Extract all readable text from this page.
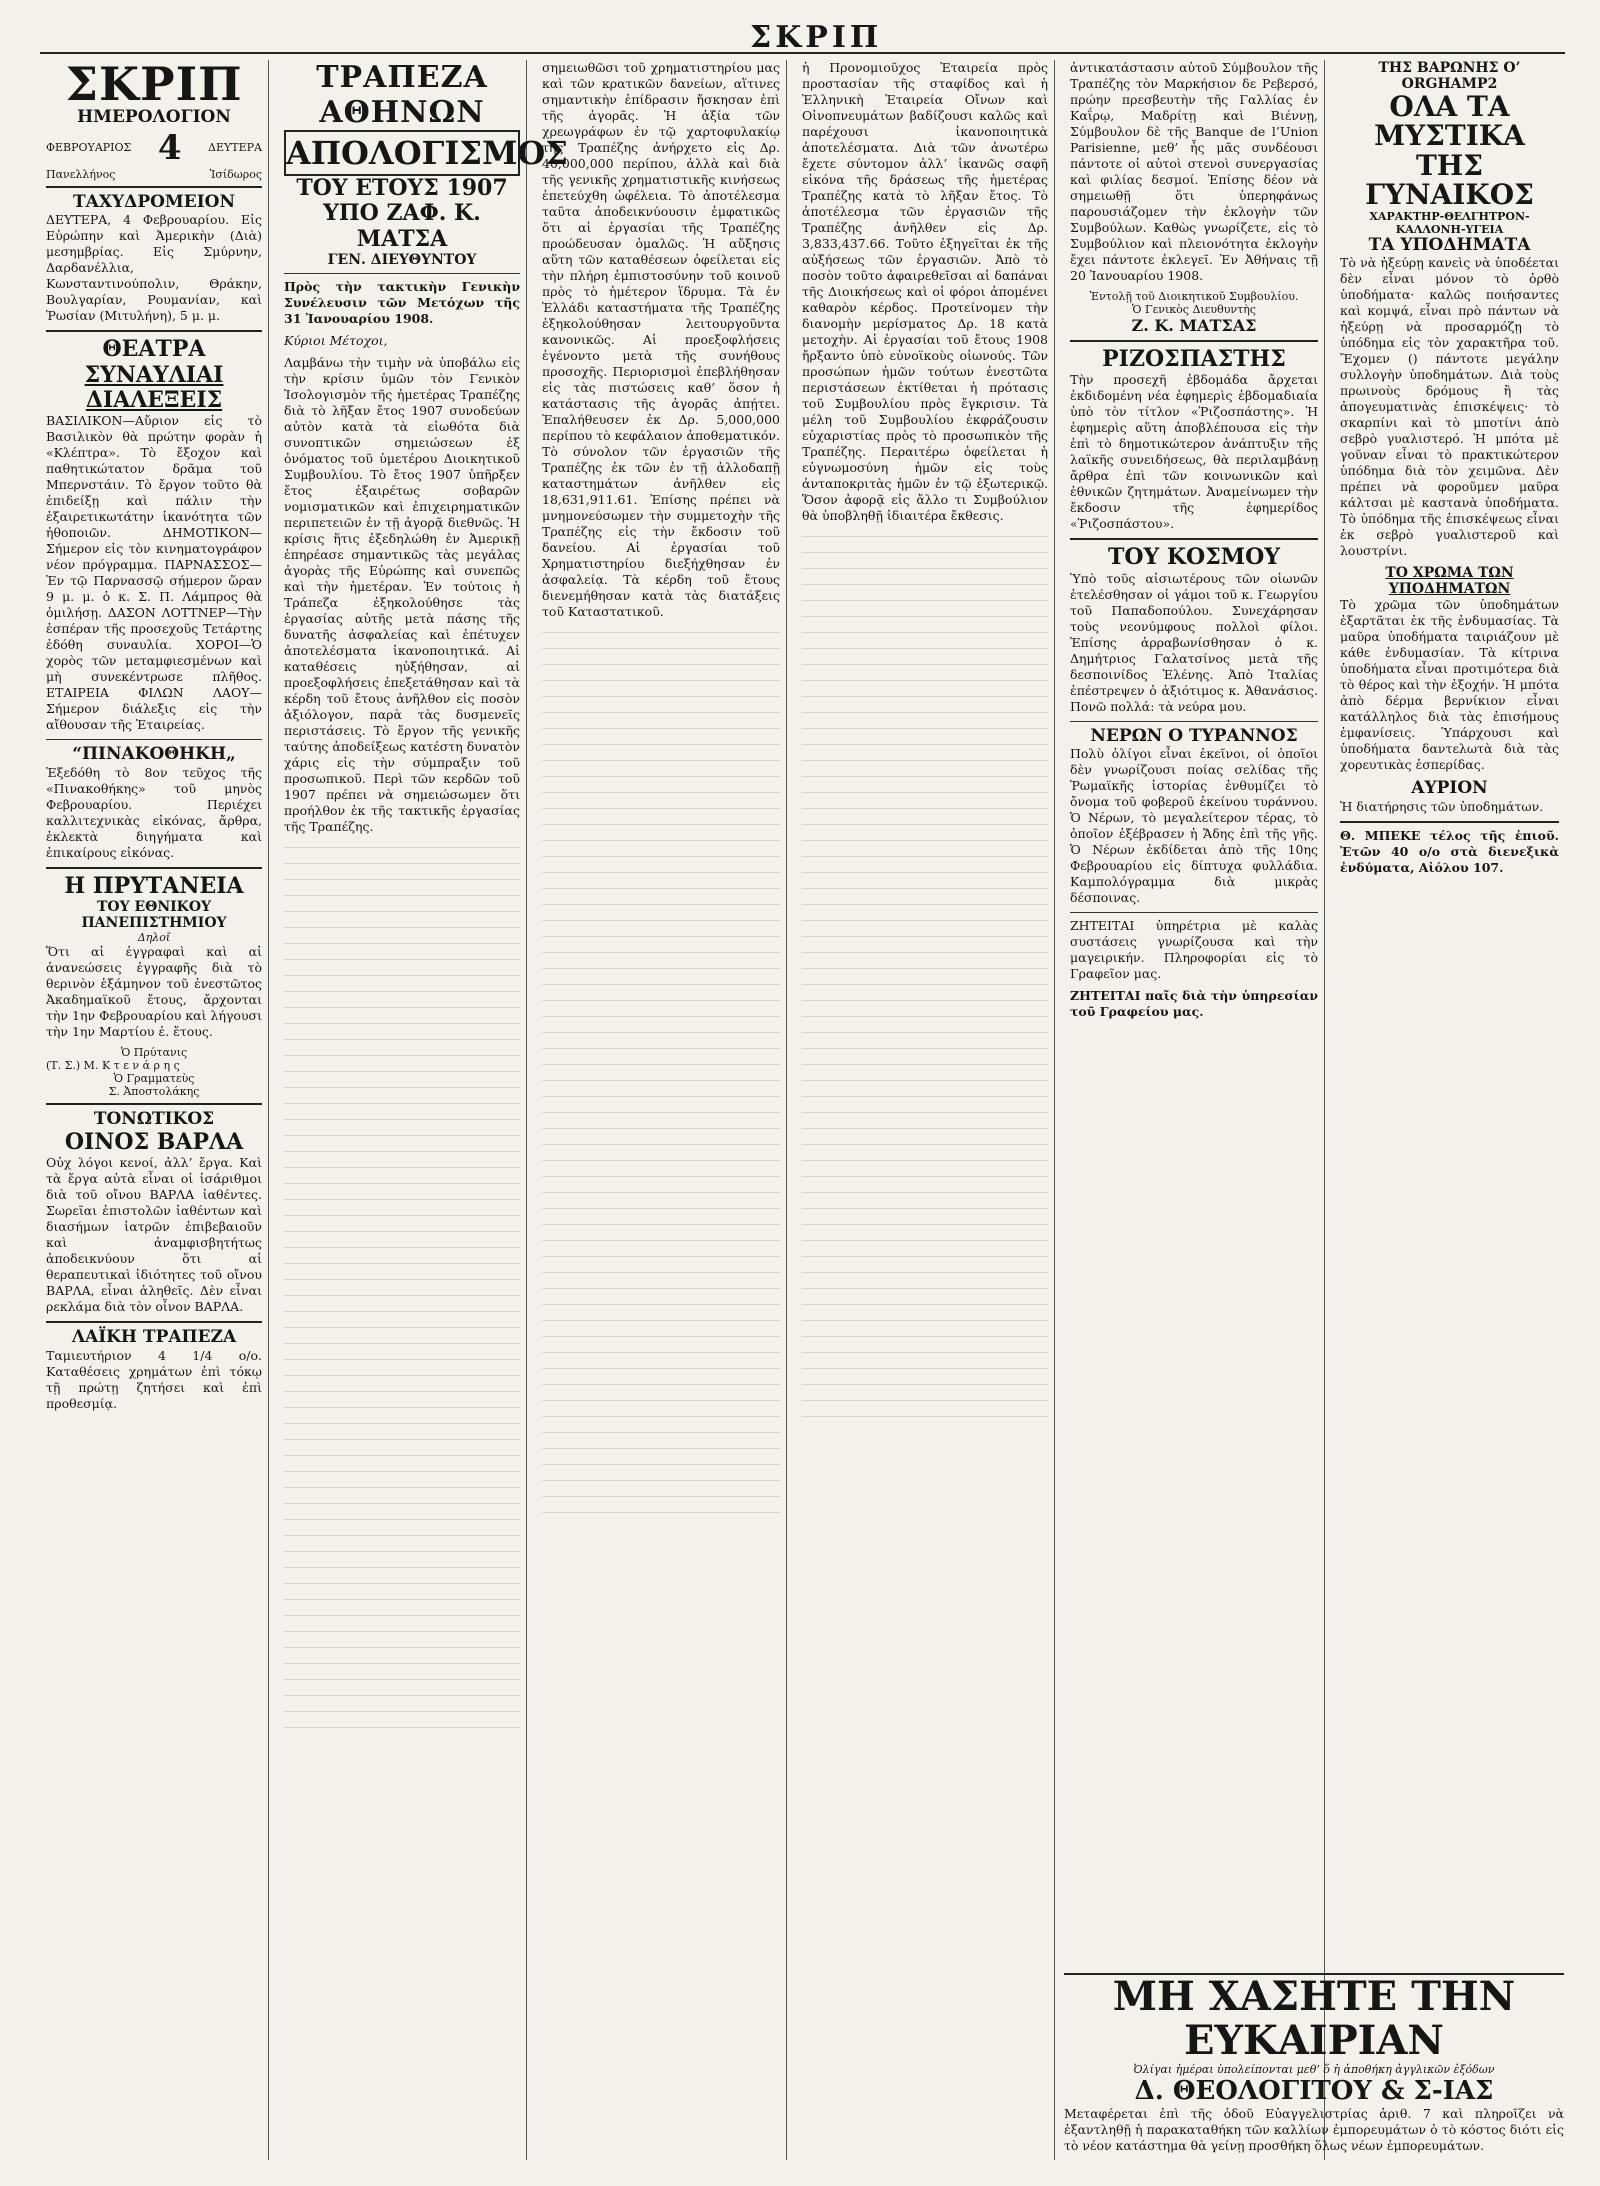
ΣΚΡΙΠ
ΣΚΡΙΠ
ΗΜΕΡΟΛΟΓΙΟΝ
ΦΕΒΡΟΥΑΡΙΟΣ 4 ΔΕΥΤΕΡΑ
Πανελλήνος	Ἰσίδωρος
ΤΑΧΥΔΡΟΜΕΙΟΝ

ΔΕΥΤΕΡΑ, 4 Φεβρουαρίου. Εἰς Εὐρώπην καὶ Ἀμερικὴν (Διὰ) μεσημβρίας. Εἰς Σμύρνην, Δαρδανέλλια, Κωνσταντινούπολιν, Θράκην, Βουλγαρίαν, Ρουμανίαν, καὶ Ῥωσίαν (Μιτυλήνη), 5 μ. μ.

ΘΕΑΤΡΑ
ΣΥΝΑΥΛΙΑΙ
ΔΙΑΛΕΞΕΙΣ

ΒΑΣΙΛΙΚΟΝ—Αὔριον εἰς τὸ Βασιλικὸν θὰ πρώτην φορὰν ἡ «Κλέπτρα». Τὸ ἔξοχον καὶ παθητικώτατον δρᾶμα τοῦ Μπερνστάιν. Τὸ ἔργον τοῦτο θὰ ἐπιδείξῃ καὶ πάλιν τὴν ἐξαιρετικωτάτην ἱκανότητα τῶν ἠθοποιῶν. ΔΗΜΟΤΙΚΟΝ—Σήμερον εἰς τὸν κινηματογράφον νέον πρόγραμμα. ΠΑΡΝΑΣΣΟΣ—Ἐν τῷ Παρνασσῷ σήμερον ὥραν 9 μ. μ. ὁ κ. Σ. Π. Λάμπρος θὰ ὁμιλήσῃ. ΔΑΣΟΝ ΛΟΤΤΝΕΡ—Τὴν ἐσπέραν τῆς προσεχοῦς Τετάρτης ἐδόθη συναυλία. ΧΟΡΟΙ—Ὁ χορὸς τῶν μεταμφιεσμένων καὶ μὴ συνεκέντρωσε πλῆθος. ΕΤΑΙΡΕΙΑ ΦΙΛΩΝ ΛΑΟΥ—Σήμερον διάλεξις εἰς τὴν αἴθουσαν τῆς Ἑταιρείας.

“ΠΙΝΑΚΟΘΗΚΗ„

Ἐξεδόθη τὸ 8ον τεῦχος τῆς «Πινακοθήκης» τοῦ μηνὸς Φεβρουαρίου. Περιέχει καλλιτεχνικὰς εἰκόνας, ἄρθρα, ἐκλεκτὰ διηγήματα καὶ ἐπικαίρους εἰκόνας.

Η ΠΡΥΤΑΝΕΙΑ
ΤΟΥ ΕΘΝΙΚΟΥ ΠΑΝΕΠΙΣΤΗΜΙΟΥ
Δηλοῖ

Ὅτι αἱ ἐγγραφαὶ καὶ αἱ ἀνανεώσεις ἐγγραφῆς διὰ τὸ θερινὸν ἑξάμηνον τοῦ ἐνεστῶτος Ἀκαδημαϊκοῦ ἔτους, ἄρχονται τὴν 1ην Φεβρουαρίου καὶ λήγουσι τὴν 1ην Μαρτίου ἐ. ἔτους.

Ὁ Πρύτανις
(Τ. Σ.) Μ. Κ τ ε ν ά ρ η ς
Ὁ Γραμματεὺς
Σ. Ἀποστολάκης
ΤΟΝΩΤΙΚΟΣ
ΟΙΝΟΣ ΒΑΡΛΑ

Οὐχ λόγοι κενοί, ἀλλ’ ἔργα. Καὶ τὰ ἔργα αὐτὰ εἶναι οἱ ἰσάριθμοι διὰ τοῦ οἴνου ΒΑΡΛΑ ἰαθέντες. Σωρεῖαι ἐπιστολῶν ἰαθέντων καὶ διασήμων ἰατρῶν ἐπιβεβαιοῦν καὶ ἀναμφισβητήτως ἀποδεικνύουν ὅτι αἱ θεραπευτικαὶ ἰδιότητες τοῦ οἴνου ΒΑΡΛΑ, εἶναι ἀληθεῖς. Δὲν εἶναι ρεκλάμα διὰ τὸν οἶνον ΒΑΡΛΑ.

ΛΑΪΚΗ ΤΡΑΠΕΖΑ

Ταμιευτήριον 4 1/4 ο/ο. Καταθέσεις χρημάτων ἐπὶ τόκῳ τῇ πρώτῃ ζητήσει καὶ ἐπὶ προθεσμίᾳ.

ΤΡΑΠΕΖΑ ΑΘΗΝΩΝ
ΑΠΟΛΟΓΙΣΜΟΣ
ΤΟΥ ΕΤΟΥΣ 1907
ΥΠΟ ΖΑΦ. Κ. ΜΑΤΣΑ
ΓΕΝ. ΔΙΕΥΘΥΝΤΟΥ

Πρὸς τὴν τακτικὴν Γενικὴν Συνέλευσιν τῶν Μετόχων τῆς 31 Ἰανουαρίου 1908.

Κύριοι Μέτοχοι,

Λαμβάνω τὴν τιμὴν νὰ ὑποβάλω εἰς τὴν κρίσιν ὑμῶν τὸν Γενικὸν Ἰσολογισμὸν τῆς ἡμετέρας Τραπέζης διὰ τὸ λῆξαν ἔτος 1907 συνοδεύων αὐτὸν κατὰ τὰ εἰωθότα διὰ συνοπτικῶν σημειώσεων ἐξ ὀνόματος τοῦ ὑμετέρου Διοικητικοῦ Συμβουλίου. Τὸ ἔτος 1907 ὑπῆρξεν ἔτος ἐξαιρέτως σοβαρῶν νομισματικῶν καὶ ἐπιχειρηματικῶν περιπετειῶν ἐν τῇ ἀγορᾷ διεθνῶς. Ἡ κρίσις ἥτις ἐξεδηλώθη ἐν Ἀμερικῇ ἐπηρέασε σημαντικῶς τὰς μεγάλας ἀγορὰς τῆς Εὐρώπης καὶ συνεπῶς καὶ τὴν ἡμετέραν. Ἐν τούτοις ἡ Τράπεζα ἐξηκολούθησε τὰς ἐργασίας αὐτῆς μετὰ πάσης τῆς δυνατῆς ἀσφαλείας καὶ ἐπέτυχεν ἀποτελέσματα ἱκανοποιητικά. Αἱ καταθέσεις ηὐξήθησαν, αἱ προεξοφλήσεις ἐπεξετάθησαν καὶ τὰ κέρδη τοῦ ἔτους ἀνῆλθον εἰς ποσὸν ἀξιόλογον, παρὰ τὰς δυσμενεῖς περιστάσεις. Τὸ ἔργον τῆς γενικῆς ταύτης ἀποδείξεως κατέστη δυνατὸν χάρις εἰς τὴν σύμπραξιν τοῦ προσωπικοῦ. Περὶ τῶν κερδῶν τοῦ 1907 πρέπει νὰ σημειώσωμεν ὅτι προήλθον ἐκ τῆς τακτικῆς ἐργασίας τῆς Τραπέζης.

σημειωθῶσι τοῦ χρηματιστηρίου μας καὶ τῶν κρατικῶν δανείων, αἵτινες σημαντικὴν ἐπίδρασιν ἤσκησαν ἐπὶ τῆς ἀγορᾶς. Ἡ ἀξία τῶν χρεωγράφων ἐν τῷ χαρτοφυλακίῳ τῆς Τραπέζης ἀνήρχετο εἰς Δρ. 40,000,000 περίπου, ἀλλὰ καὶ διὰ τῆς γενικῆς χρηματιστικῆς κινήσεως ἐπετεύχθη ὠφέλεια. Τὸ ἀποτέλεσμα ταῦτα ἀποδεικνύουσιν ἐμφατικῶς ὅτι αἱ ἐργασίαι τῆς Τραπέζης προώδευσαν ὁμαλῶς. Ἡ αὔξησις αὕτη τῶν καταθέσεων ὀφείλεται εἰς τὴν πλήρη ἐμπιστοσύνην τοῦ κοινοῦ πρὸς τὸ ἡμέτερον ἵδρυμα. Τὰ ἐν Ἑλλάδι καταστήματα τῆς Τραπέζης ἐξηκολούθησαν λειτουργοῦντα κανονικῶς. Αἱ προεξοφλήσεις ἐγένοντο μετὰ τῆς συνήθους προσοχῆς. Περιορισμοὶ ἐπεβλήθησαν εἰς τὰς πιστώσεις καθ’ ὅσον ἡ κατάστασις τῆς ἀγορᾶς ἀπῄτει. Ἐπαλήθευσεν ἐκ Δρ. 5,000,000 περίπου τὸ κεφάλαιον ἀποθεματικόν. Τὸ σύνολον τῶν ἐργασιῶν τῆς Τραπέζης ἐκ τῶν ἐν τῇ ἀλλοδαπῇ καταστημάτων ἀνῆλθεν εἰς 18,631,911.61. Ἐπίσης πρέπει νὰ μνημονεύσωμεν τὴν συμμετοχὴν τῆς Τραπέζης εἰς τὴν ἔκδοσιν τοῦ δανείου. Αἱ ἐργασίαι τοῦ Χρηματιστηρίου διεξήχθησαν ἐν ἀσφαλείᾳ. Τὰ κέρδη τοῦ ἔτους διενεμήθησαν κατὰ τὰς διατάξεις τοῦ Καταστατικοῦ.

ἡ Προνομιοῦχος Ἑταιρεία πρὸς προστασίαν τῆς σταφίδος καὶ ἡ Ἑλληνικὴ Ἑταιρεία Οἴνων καὶ Οἰνοπνευμάτων βαδίζουσι καλῶς καὶ παρέχουσι ἱκανοποιητικὰ ἀποτελέσματα. Διὰ τῶν ἀνωτέρω ἔχετε σύντομον ἀλλ’ ἱκανῶς σαφῆ εἰκόνα τῆς δράσεως τῆς ἡμετέρας Τραπέζης κατὰ τὸ λῆξαν ἔτος. Τὸ ἀποτέλεσμα τῶν ἐργασιῶν τῆς Τραπέζης ἀνῆλθεν εἰς Δρ. 3,833,437.66. Τοῦτο ἐξηγεῖται ἐκ τῆς αὐξήσεως τῶν ἐργασιῶν. Ἀπὸ τὸ ποσὸν τοῦτο ἀφαιρεθεῖσαι αἱ δαπάναι τῆς Διοικήσεως καὶ οἱ φόροι ἀπομένει καθαρὸν κέρδος. Προτείνομεν τὴν διανομὴν μερίσματος Δρ. 18 κατὰ μετοχὴν. Αἱ ἐργασίαι τοῦ ἔτους 1908 ἤρξαντο ὑπὸ εὐνοϊκοὺς οἰωνούς. Τῶν προσώπων ἡμῶν τούτων ἐνεστῶτα περιστάσεων ἐκτίθεται ἡ πρότασις τοῦ Συμβουλίου πρὸς ἔγκρισιν. Τὰ μέλη τοῦ Συμβουλίου ἐκφράζουσιν εὐχαριστίας πρὸς τὸ προσωπικὸν τῆς Τραπέζης. Περαιτέρω ὀφείλεται ἡ εὐγνωμοσύνη ἡμῶν εἰς τοὺς ἀνταποκριτὰς ἡμῶν ἐν τῷ ἐξωτερικῷ. Ὅσον ἀφορᾷ εἰς ἄλλο τι Συμβούλιον θὰ ὑποβληθῇ ἰδιαιτέρα ἔκθεσις.

ἀντικατάστασιν αὐτοῦ Σύμβουλον τῆς Τραπέζης τὸν Μαρκήσιον δε Ρεβερσό, πρώην πρεσβευτὴν τῆς Γαλλίας ἐν Καΐρῳ, Μαδρίτῃ καὶ Βιέννῃ, Σύμβουλον δὲ τῆς Banque de l’Union Parisienne, μεθ’ ἧς μᾶς συνδέουσι πάντοτε οἱ αὐτοὶ στενοὶ συνεργασίας καὶ φιλίας δεσμοί. Ἐπίσης δέον νὰ σημειωθῇ ὅτι ὑπερηφάνως παρουσιάζομεν τὴν ἐκλογὴν τῶν Συμβούλων. Καθὼς γνωρίζετε, εἰς τὸ Συμβούλιον καὶ πλειονότητα ἐκλογὴν ἔχει πάντοτε ἐκλεγεῖ. Ἐν Ἀθήναις τῇ 20 Ἰανουαρίου 1908.

Ἐντολῇ τοῦ Διοικητικοῦ Συμβουλίου.
Ὁ Γενικὸς Διευθυντὴς
Ζ. Κ. ΜΑΤΣΑΣ
ΡΙΖΟΣΠΑΣΤΗΣ

Τὴν προσεχῆ ἑβδομάδα ἄρχεται ἐκδιδομένη νέα ἐφημερὶς ἑβδομαδιαία ὑπὸ τὸν τίτλον «Ῥιζοσπάστης». Ἡ ἐφημερὶς αὕτη ἀποβλέπουσα εἰς τὴν ἐπὶ τὸ δημοτικώτερον ἀνάπτυξιν τῆς λαϊκῆς συνειδήσεως, θὰ περιλαμβάνῃ ἄρθρα ἐπὶ τῶν κοινωνικῶν καὶ ἐθνικῶν ζητημάτων. Ἀναμείνωμεν τὴν ἔκδοσιν τῆς ἐφημερίδος «Ῥιζοσπάστου».

ΤΟΥ ΚΟΣΜΟΥ

Ὑπὸ τοῦς αἰσιωτέρους τῶν οἰωνῶν ἐτελέσθησαν οἱ γάμοι τοῦ κ. Γεωργίου τοῦ Παπαδοπούλου. Συνεχάρησαν τοὺς νεονύμφους πολλοὶ φίλοι. Ἐπίσης ἀρραβωνίσθησαν ὁ κ. Δημήτριος Γαλατσίνος μετὰ τῆς δεσποινίδος Ἑλένης. Ἀπὸ Ἰταλίας ἐπέστρεψεν ὁ ἀξιότιμος κ. Ἀθανάσιος. Πονῶ πολλά: τὰ νεύρα μου.

ΝΕΡΩΝ Ο ΤΥΡΑΝΝΟΣ

Πολὺ ὀλίγοι εἶναι ἐκεῖνοι, οἱ ὁποῖοι δὲν γνωρίζουσι ποίας σελίδας τῆς Ῥωμαϊκῆς ἱστορίας ἐνθυμίζει τὸ ὄνομα τοῦ φοβεροῦ ἐκείνου τυράννου. Ὁ Νέρων, τὸ μεγαλείτερον τέρας, τὸ ὁποῖον ἐξέβρασεν ἡ Ἄδης ἐπὶ τῆς γῆς. Ὁ Νέρων ἐκδίδεται ἀπὸ τῆς 10ης Φεβρουαρίου εἰς δίπτυχα φυλλάδια. Καμπολόγραμμα διὰ μικρὰς δέσποινας.

ΖΗΤΕΙΤΑΙ ὑπηρέτρια μὲ καλὰς συστάσεις γνωρίζουσα καὶ τὴν μαγειρικήν. Πληροφορίαι εἰς τὸ Γραφεῖον μας.

ΖΗΤΕΙΤΑΙ παῖς διὰ τὴν ὑπηρεσίαν τοῦ Γραφείου μας.

ΤΗΣ ΒΑΡΩΝΗΣ Ο’ ORGHAMP2
ΟΛΑ ΤΑ ΜΥΣΤΙΚΑ
ΤΗΣ ΓΥΝΑΙΚΟΣ
ΧΑΡΑΚΤΗΡ-ΘΕΛΓΗΤΡΟΝ-ΚΑΛΛΟΝΗ-ΥΓΕΙΑ
ΤΑ ΥΠΟΔΗΜΑΤΑ

Τὸ νὰ ἠξεύρῃ κανεὶς νὰ ὑποδέεται δὲν εἶναι μόνον τὸ ὀρθὸ ὑποδήματα· καλῶς ποιήσαντες καὶ κομψά, εἶναι πρὸ πάντων νὰ ἠξεύρῃ νὰ προσαρμόζῃ τὸ ὑπόδημα εἰς τὸν χαρακτῆρα τοῦ. Ἔχομεν () πάντοτε μεγάλην συλλογὴν ὑποδημάτων. Διὰ τοὺς πρωινοὺς δρόμους ἢ τὰς ἀπογευματινὰς ἐπισκέψεις· τὸ σκαρπίνι καὶ τὸ μποτίνι ἀπὸ σεβρὸ γυαλιστερό. Ἡ μπότα μὲ γοῦναν εἶναι τὸ πρακτικώτερον ὑπόδημα διὰ τὸν χειμῶνα. Δὲν πρέπει νὰ φοροῦμεν μαῦρα κάλτσαι μὲ καστανὰ ὑποδήματα. Τὸ ὑπόδημα τῆς ἐπισκέψεως εἶναι ἐκ σεβρὸ γυαλιστεροῦ καὶ λουστρίνι.

ΤΟ ΧΡΩΜΑ ΤΩΝ ΥΠΟΔΗΜΑΤΩΝ

Τὸ χρῶμα τῶν ὑποδημάτων ἐξαρτᾶται ἐκ τῆς ἐνδυμασίας. Τὰ μαῦρα ὑποδήματα ταιριάζουν μὲ κάθε ἐνδυμασίαν. Τὰ κίτρινα ὑποδήματα εἶναι προτιμότερα διὰ τὸ θέρος καὶ τὴν ἐξοχήν. Ἡ μπότα ἀπὸ δέρμα βερνίκιον εἶναι κατάλληλος διὰ τὰς ἐπισήμους ἐμφανίσεις. Ὑπάρχουσι καὶ ὑποδήματα δαντελωτὰ διὰ τὰς χορευτικὰς ἑσπερίδας.

ΑΥΡΙΟΝ

Ἡ διατήρησις τῶν ὑποδημάτων.

Θ. ΜΠΕΚΕ τέλος τῆς ἐπιοῦ. Ἐτῶν 40 ο/ο στὰ διενεξικὰ ἐνδύματα, Αἰόλου 107.

ΜΗ ΧΑΣΗΤΕ ΤΗΝ ΕΥΚΑΙΡΙΑΝ
Ὀλίγαι ἡμέραι ὑπολείπονται μεθ’ ὅ ἡ ἀποθήκη ἀγγλικῶν ἐξόδων
Δ. ΘΕΟΛΟΓΙΤΟΥ & Σ-ΙΑΣ

Μεταφέρεται ἐπὶ τῆς ὁδοῦ Εὐαγγελιστρίας ἀριθ. 7 καὶ πληροῖζει νὰ ἐξαντληθῇ ἡ παρακαταθήκη τῶν καλλίων ἐμπορευμάτων ὁ τὸ κόστος διότι εἰς τὸ νέον κατάστημα θὰ γείνῃ προσθήκη ὅλως νέων ἐμπορευμάτων.
